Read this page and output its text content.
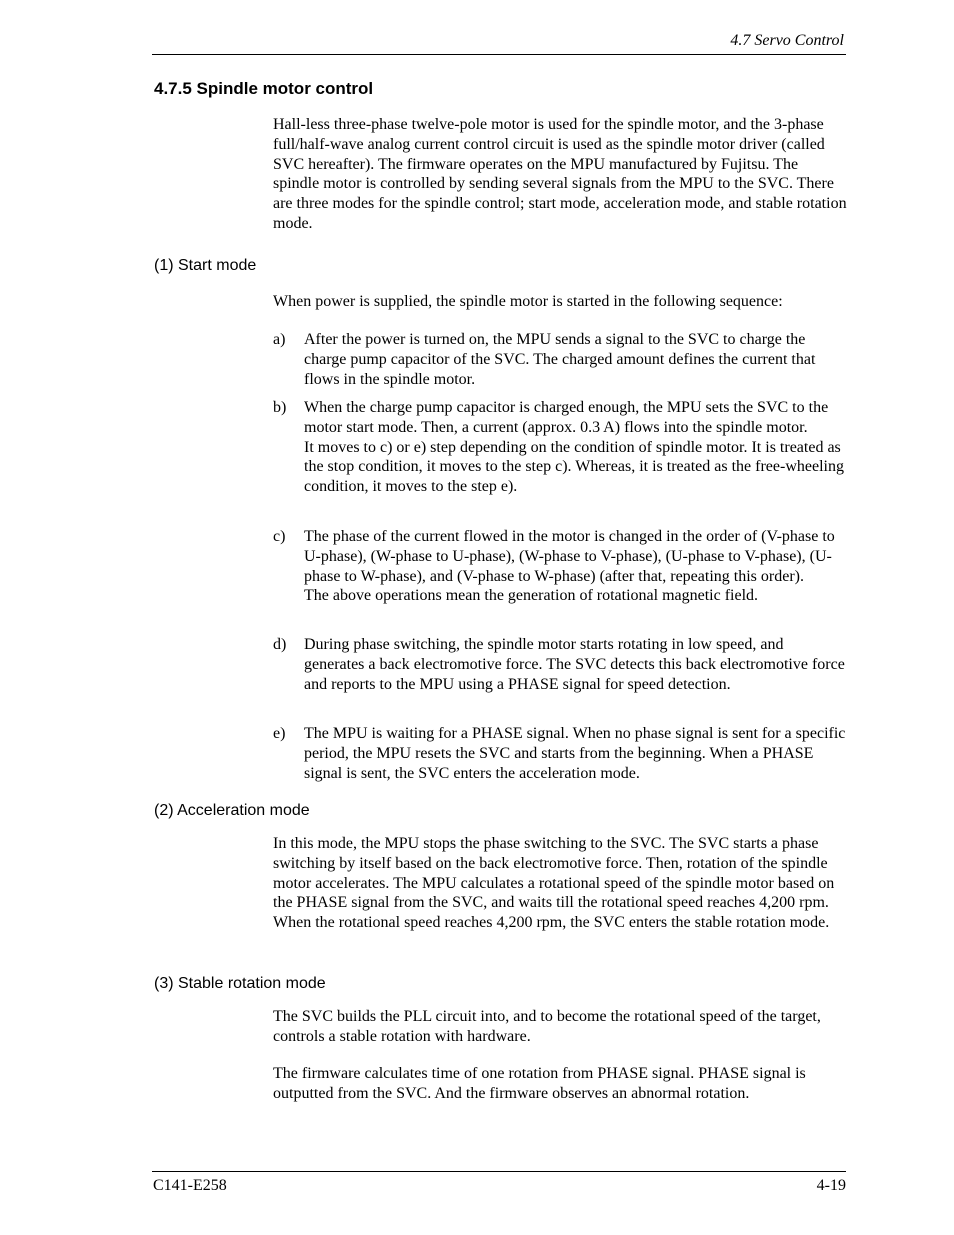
4.7 Servo Control
4.7.5 Spindle motor control
Hall-less three-phase twelve-pole motor is used for the spindle motor, and the 3-phase full/half-wave analog current control circuit is used as the spindle motor driver (called SVC hereafter). The firmware operates on the MPU manufactured by Fujitsu. The spindle motor is controlled by sending several signals from the MPU to the SVC. There are three modes for the spindle control; start mode, acceleration mode, and stable rotation mode.
(1) Start mode
When power is supplied, the spindle motor is started in the following sequence:
a) After the power is turned on, the MPU sends a signal to the SVC to charge the charge pump capacitor of the SVC. The charged amount defines the current that flows in the spindle motor.
b) When the charge pump capacitor is charged enough, the MPU sets the SVC to the motor start mode. Then, a current (approx. 0.3 A) flows into the spindle motor.
It moves to c) or e) step depending on the condition of spindle motor. It is treated as the stop condition, it moves to the step c). Whereas, it is treated as the free-wheeling condition, it moves to the step e).
c) The phase of the current flowed in the motor is changed in the order of (V-phase to U-phase), (W-phase to U-phase), (W-phase to V-phase), (U-phase to V-phase), (U-phase to W-phase), and (V-phase to W-phase) (after that, repeating this order).
The above operations mean the generation of rotational magnetic field.
d) During phase switching, the spindle motor starts rotating in low speed, and generates a back electromotive force. The SVC detects this back electromotive force and reports to the MPU using a PHASE signal for speed detection.
e) The MPU is waiting for a PHASE signal. When no phase signal is sent for a specific period, the MPU resets the SVC and starts from the beginning. When a PHASE signal is sent, the SVC enters the acceleration mode.
(2) Acceleration mode
In this mode, the MPU stops the phase switching to the SVC. The SVC starts a phase switching by itself based on the back electromotive force. Then, rotation of the spindle motor accelerates. The MPU calculates a rotational speed of the spindle motor based on the PHASE signal from the SVC, and waits till the rotational speed reaches 4,200 rpm. When the rotational speed reaches 4,200 rpm, the SVC enters the stable rotation mode.
(3) Stable rotation mode
The SVC builds the PLL circuit into, and to become the rotational speed of the target, controls a stable rotation with hardware.
The firmware calculates time of one rotation from PHASE signal. PHASE signal is outputted from the SVC. And the firmware observes an abnormal rotation.
C141-E258	4-19
